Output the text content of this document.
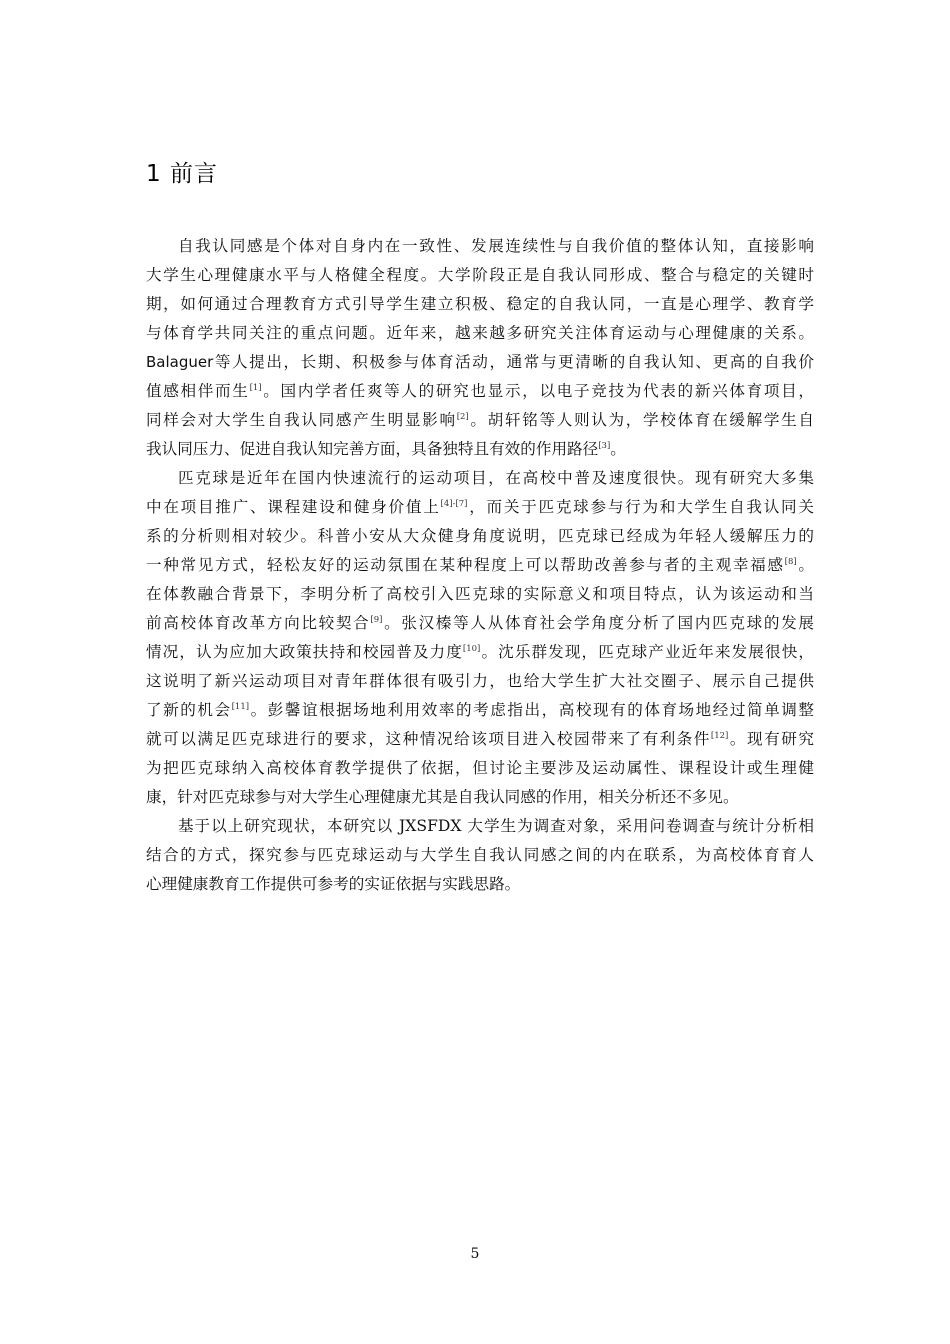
1 前言
自我认同感是个体对自身内在一致性、发展连续性与自我价值的整体认知，直接影响
大学生心理健康水平与人格健全程度。大学阶段正是自我认同形成、整合与稳定的关键时
期，如何通过合理教育方式引导学生建立积极、稳定的自我认同，一直是心理学、教育学
与体育学共同关注的重点问题。近年来，越来越多研究关注体育运动与心理健康的关系。
Balaguer等人提出，长期、积极参与体育活动，通常与更清晰的自我认知、更高的自我价
值感相伴而生[1]。国内学者任爽等人的研究也显示，以电子竞技为代表的新兴体育项目，
同样会对大学生自我认同感产生明显影响[2]。胡轩铭等人则认为，学校体育在缓解学生自
我认同压力、促进自我认知完善方面，具备独特且有效的作用路径[3]。
匹克球是近年在国内快速流行的运动项目，在高校中普及速度很快。现有研究大多集
中在项目推广、课程建设和健身价值上[4]-[7]，而关于匹克球参与行为和大学生自我认同关
系的分析则相对较少。科普小安从大众健身角度说明，匹克球已经成为年轻人缓解压力的
一种常见方式，轻松友好的运动氛围在某种程度上可以帮助改善参与者的主观幸福感[8]。
在体教融合背景下，李明分析了高校引入匹克球的实际意义和项目特点，认为该运动和当
前高校体育改革方向比较契合[9]。张汉榛等人从体育社会学角度分析了国内匹克球的发展
情况，认为应加大政策扶持和校园普及力度[10]。沈乐群发现，匹克球产业近年来发展很快，
这说明了新兴运动项目对青年群体很有吸引力，也给大学生扩大社交圈子、展示自己提供
了新的机会[11]。彭馨谊根据场地利用效率的考虑指出，高校现有的体育场地经过简单调整
就可以满足匹克球进行的要求，这种情况给该项目进入校园带来了有利条件[12]。现有研究
为把匹克球纳入高校体育教学提供了依据，但讨论主要涉及运动属性、课程设计或生理健
康，针对匹克球参与对大学生心理健康尤其是自我认同感的作用，相关分析还不多见。
基于以上研究现状，本研究以 JXSFDX 大学生为调查对象，采用问卷调查与统计分析相
结合的方式，探究参与匹克球运动与大学生自我认同感之间的内在联系，为高校体育育人
心理健康教育工作提供可参考的实证依据与实践思路。
5
